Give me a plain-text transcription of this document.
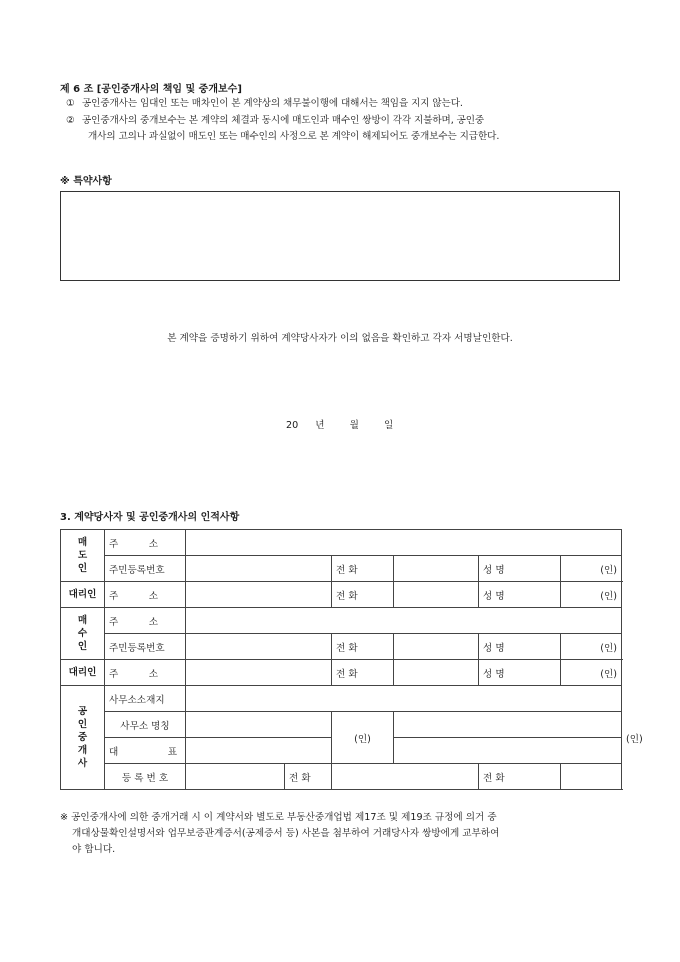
제 6 조 [공인중개사의 책임 및 중개보수]
① 공인중개사는 임대인 또는 매차인이 본 계약상의 채무불이행에 대해서는 책임을 지지 않는다.
② 공인중개사의 중개보수는 본 계약의 체결과 동시에 매도인과 매수인 쌍방이 각각 지불하며, 공인중
개사의 고의나 과실없이 매도인 또는 매수인의 사정으로 본 계약이 해제되어도 중개보수는 지급한다.
※ 특약사항
본 계약을 증명하기 위하여 계약당사자가 이의 없음을 확인하고 각자 서명날인한다.
20 년	월	일
3. 계약당사자 및 공인중개사의 인적사항
매
도
인	주          소							
	주민등록번호			전 화		성 명	(인)	
대리인	주          소			전 화		성 명	(인)	
매
수
인	주          소							
	주민등록번호			전 화		성 명	(인)	
대리인	주          소			전 화		성 명	(인)	
공
인
중
개
사	사무소소재지							
	사무소 명칭			(인)				(인)

	대 표							

	등 록 번 호		전 화			전 화		
※ 공인중개사에 의한 중개거래 시 이 계약서와 별도로 부동산중개업법 제17조 및 제19조 규정에 의거 중
개대상물확인설명서와 업무보증관계증서(공제증서 등) 사본을 첨부하여 거래당사자 쌍방에게 교부하여
야 합니다.
